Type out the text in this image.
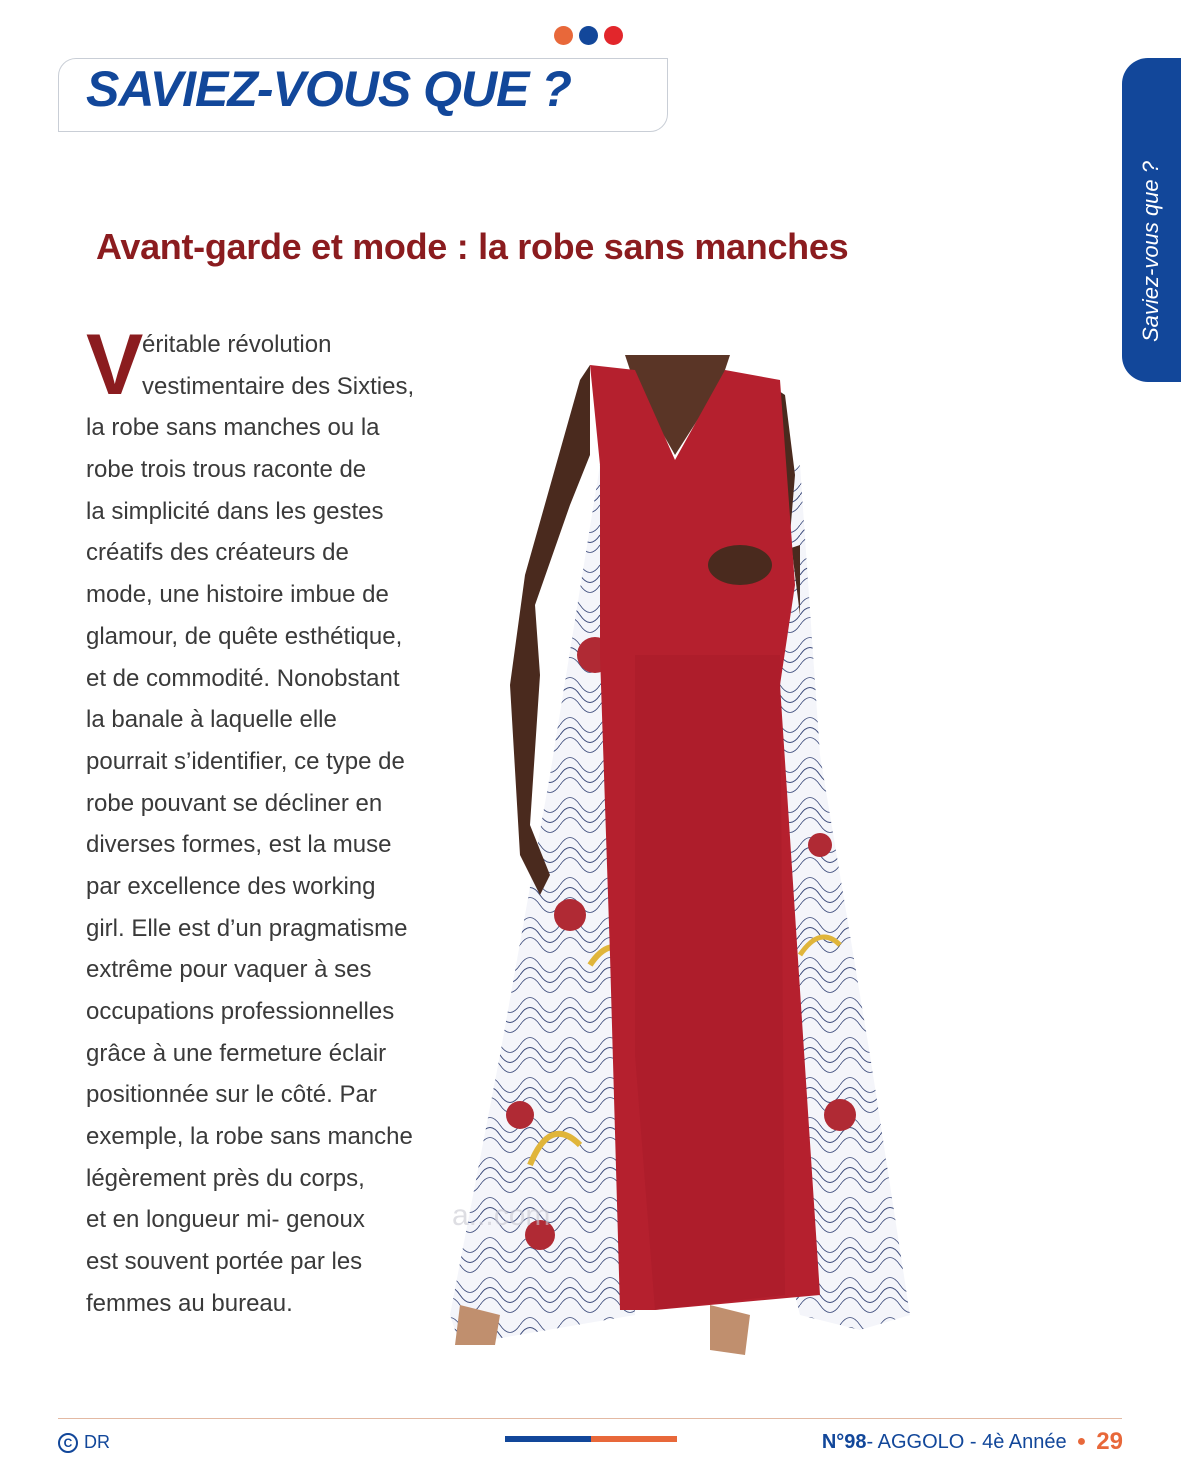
SAVIEZ-VOUS QUE ?
Saviez-vous que ?
Avant-garde et mode : la robe sans manches
V
éritable révolution
vestimentaire des Sixties,
la robe sans manches ou la
robe trois trous raconte de
la simplicité dans les gestes
créatifs des créateurs de
mode, une histoire imbue de
glamour, de quête esthétique,
et de commodité. Nonobstant
la banale à laquelle elle
pourrait s’identifier, ce type de
robe pouvant se décliner en
diverses formes, est la muse
par excellence des working
girl. Elle est d’un pragmatisme
extrême pour vaquer à ses
occupations professionnelles
grâce à une fermeture éclair
positionnée sur le côté. Par
exemple, la robe sans manche
légèrement près du corps,
et en longueur mi- genoux
est souvent portée par les
femmes au bureau.
a...com
C DR	N°98 - AGGOLO - 4è Année ● 29
